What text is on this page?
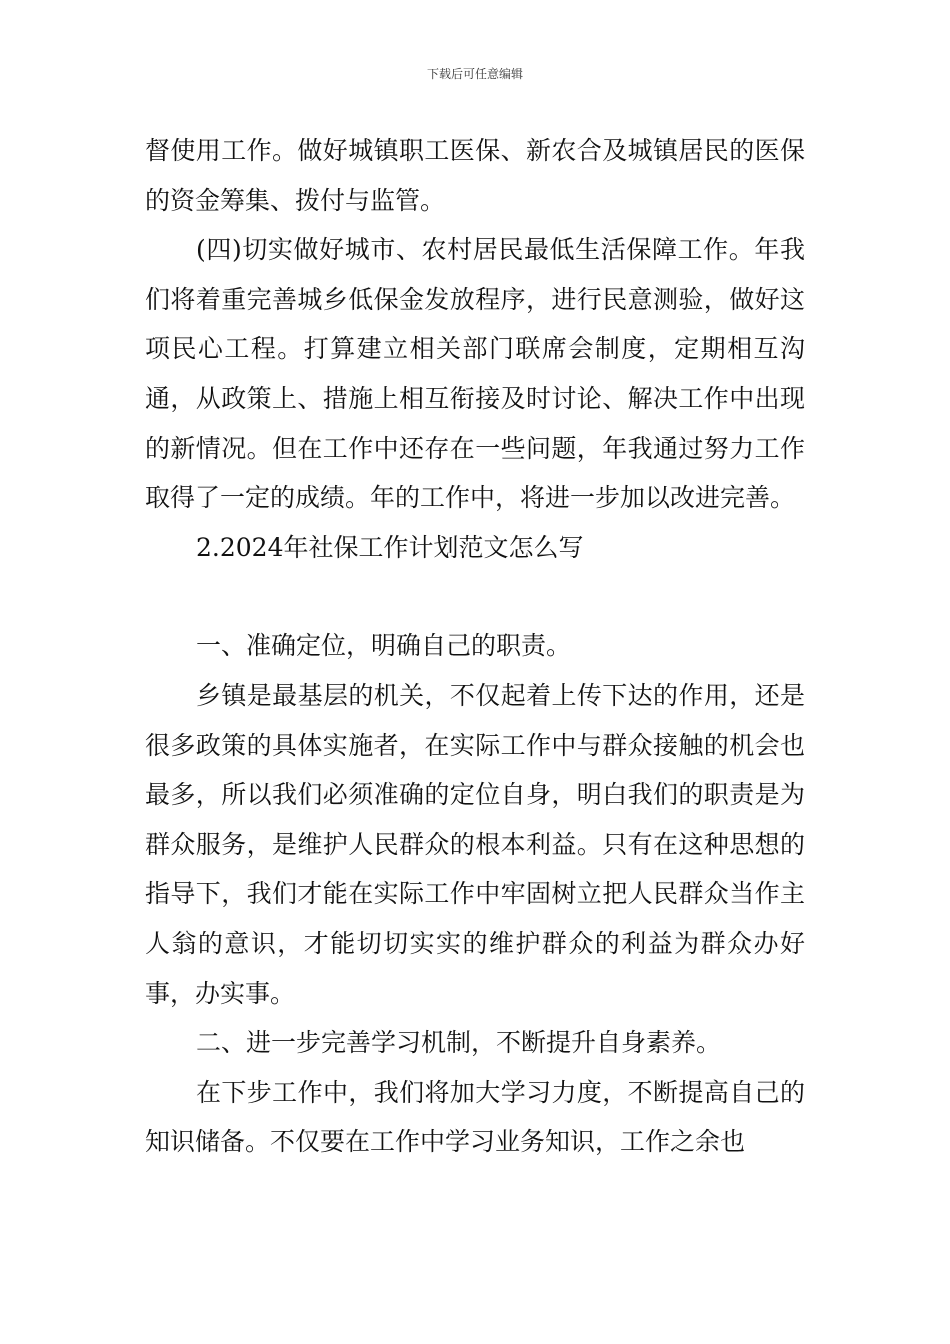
下载后可任意编辑

督使用工作。做好城镇职工医保、新农合及城镇居民的医保的资金筹集、拨付与监管。

(四)切实做好城市、农村居民最低生活保障工作。年我们将着重完善城乡低保金发放程序，进行民意测验，做好这项民心工程。打算建立相关部门联席会制度，定期相互沟通，从政策上、措施上相互衔接及时讨论、解决工作中出现的新情况。但在工作中还存在一些问题，年我通过努力工作取得了一定的成绩。年的工作中，将进一步加以改进完善。

2.2024年社保工作计划范文怎么写

一、准确定位，明确自己的职责。

乡镇是最基层的机关，不仅起着上传下达的作用，还是很多政策的具体实施者，在实际工作中与群众接触的机会也最多，所以我们必须准确的定位自身，明白我们的职责是为群众服务，是维护人民群众的根本利益。只有在这种思想的指导下，我们才能在实际工作中牢固树立把人民群众当作主人翁的意识，才能切切实实的维护群众的利益为群众办好事，办实事。

二、进一步完善学习机制，不断提升自身素养。

在下步工作中，我们将加大学习力度，不断提高自己的知识储备。不仅要在工作中学习业务知识，工作之余也
